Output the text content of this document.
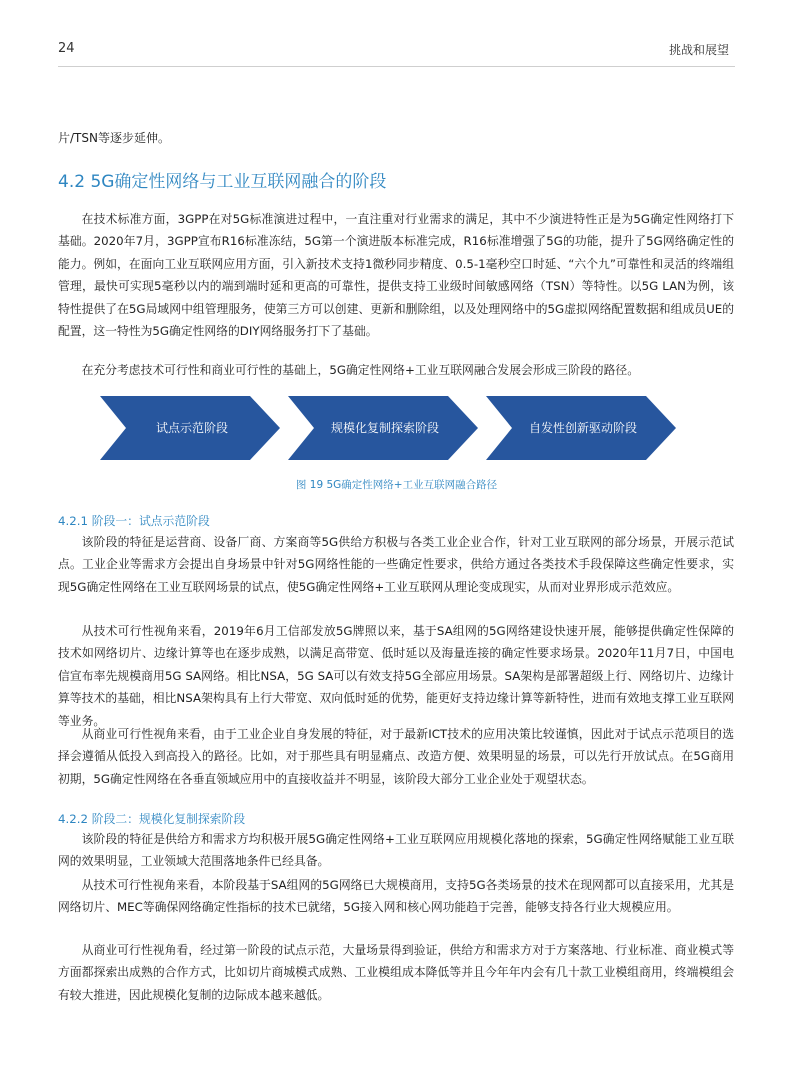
24	挑战和展望
片/TSN等逐步延伸。
4.2 5G确定性网络与工业互联网融合的阶段

在技术标准方面，3GPP在对5G标准演进过程中，一直注重对行业需求的满足，其中不少演进特性正是为5G确定性网络打下基础。2020年7月，3GPP宣布R16标准冻结，5G第一个演进版本标准完成，R16标准增强了5G的功能，提升了5G网络确定性的能力。例如，在面向工业互联网应用方面，引入新技术支持1微秒同步精度、0.5-1毫秒空口时延、“六个九”可靠性和灵活的终端组管理，最快可实现5毫秒以内的端到端时延和更高的可靠性，提供支持工业级时间敏感网络（TSN）等特性。以5G LAN为例，该特性提供了在5G局域网中组管理服务，使第三方可以创建、更新和删除组，以及处理网络中的5G虚拟网络配置数据和组成员UE的配置，这一特性为5G确定性网络的DIY网络服务打下了基础。

在充分考虑技术可行性和商业可行性的基础上，5G确定性网络+工业互联网融合发展会形成三阶段的路径。

试点示范阶段	规模化复制探索阶段	自发性创新驱动阶段
图 19 5G确定性网络+工业互联网融合路径
4.2.1 阶段一：试点示范阶段

该阶段的特征是运营商、设备厂商、方案商等5G供给方积极与各类工业企业合作，针对工业互联网的部分场景，开展示范试点。工业企业等需求方会提出自身场景中针对5G网络性能的一些确定性要求，供给方通过各类技术手段保障这些确定性要求，实现5G确定性网络在工业互联网场景的试点，使5G确定性网络+工业互联网从理论变成现实，从而对业界形成示范效应。

从技术可行性视角来看，2019年6月工信部发放5G牌照以来，基于SA组网的5G网络建设快速开展，能够提供确定性保障的技术如网络切片、边缘计算等也在逐步成熟，以满足高带宽、低时延以及海量连接的确定性要求场景。2020年11月7日，中国电信宣布率先规模商用5G SA网络。相比NSA，5G SA可以有效支持5G全部应用场景。SA架构是部署超级上行、网络切片、边缘计算等技术的基础，相比NSA架构具有上行大带宽、双向低时延的优势，能更好支持边缘计算等新特性，进而有效地支撑工业互联网等业务。

从商业可行性视角来看，由于工业企业自身发展的特征，对于最新ICT技术的应用决策比较谨慎，因此对于试点示范项目的选择会遵循从低投入到高投入的路径。比如，对于那些具有明显痛点、改造方便、效果明显的场景，可以先行开放试点。在5G商用初期，5G确定性网络在各垂直领域应用中的直接收益并不明显，该阶段大部分工业企业处于观望状态。

4.2.2 阶段二：规模化复制探索阶段

该阶段的特征是供给方和需求方均积极开展5G确定性网络+工业互联网应用规模化落地的探索，5G确定性网络赋能工业互联网的效果明显，工业领域大范围落地条件已经具备。

从技术可行性视角来看，本阶段基于SA组网的5G网络已大规模商用，支持5G各类场景的技术在现网都可以直接采用，尤其是网络切片、MEC等确保网络确定性指标的技术已就绪，5G接入网和核心网功能趋于完善，能够支持各行业大规模应用。

从商业可行性视角看，经过第一阶段的试点示范，大量场景得到验证，供给方和需求方对于方案落地、行业标准、商业模式等方面都探索出成熟的合作方式，比如切片商城模式成熟、工业模组成本降低等并且今年年内会有几十款工业模组商用，终端模组会有较大推进，因此规模化复制的边际成本越来越低。
